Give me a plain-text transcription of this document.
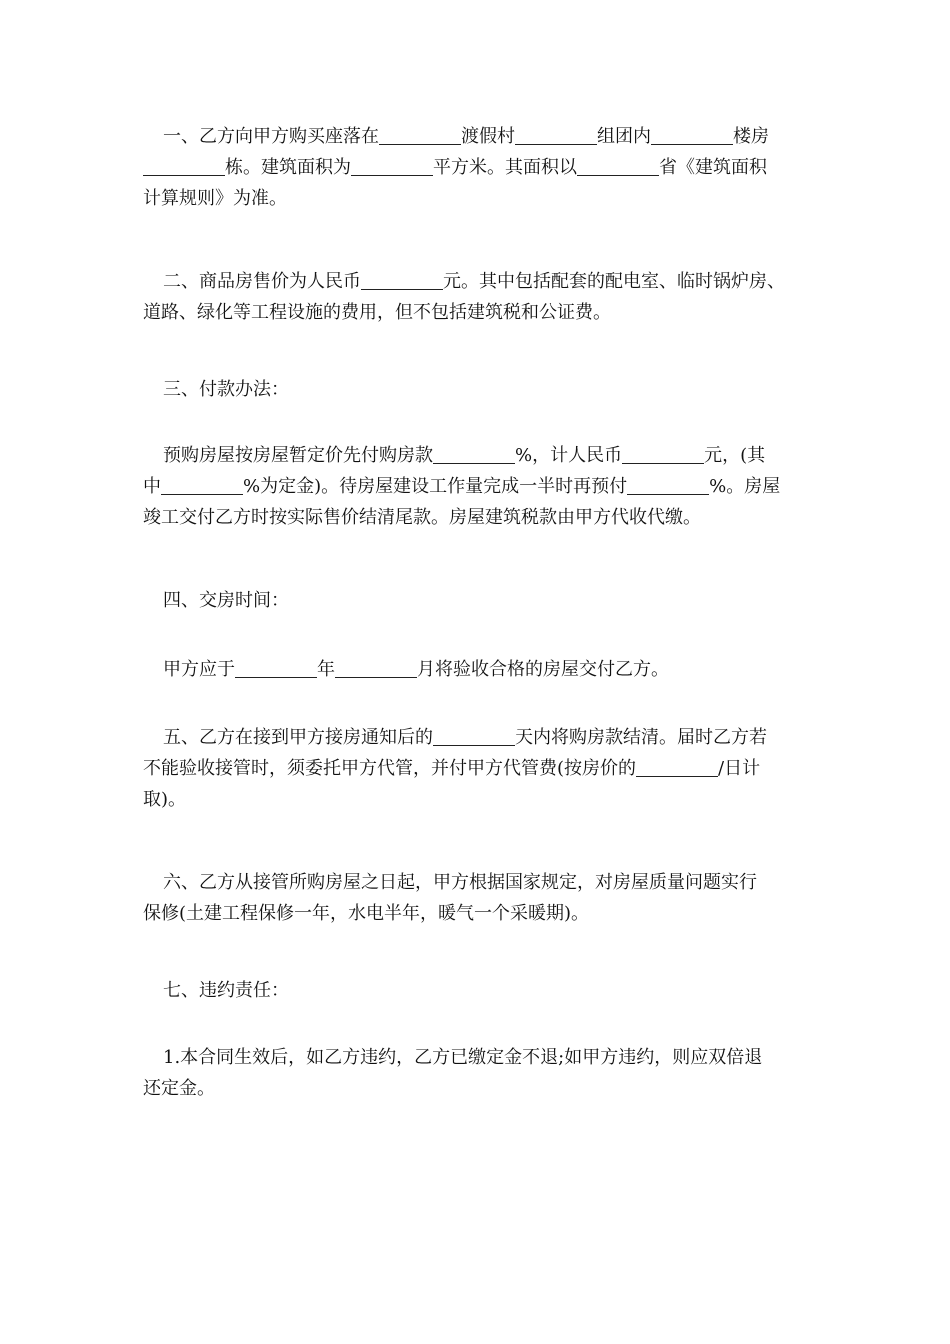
一、乙方向甲方购买座落在	渡假村	组团内	楼房
栋。建筑面积为	平方米。其面积以	省《建筑面积
计算规则》为准。
二、商品房售价为人民币	元。其中包括配套的配电室、临时锅炉房、
道路、绿化等工程设施的费用，但不包括建筑税和公证费。
三、付款办法：
预购房屋按房屋暂定价先付购房款	%，计人民币	元，(其
中	%为定金)。待房屋建设工作量完成一半时再预付	%。房屋
竣工交付乙方时按实际售价结清尾款。房屋建筑税款由甲方代收代缴。
四、交房时间：
甲方应于	年	月将验收合格的房屋交付乙方。
五、乙方在接到甲方接房通知后的	天内将购房款结清。届时乙方若
不能验收接管时，须委托甲方代管，并付甲方代管费(按房价的	/日计
取)。
六、乙方从接管所购房屋之日起，甲方根据国家规定，对房屋质量问题实行
保修(土建工程保修一年，水电半年，暖气一个采暖期)。
七、违约责任：
1.本合同生效后，如乙方违约，乙方已缴定金不退;如甲方违约，则应双倍退
还定金。
